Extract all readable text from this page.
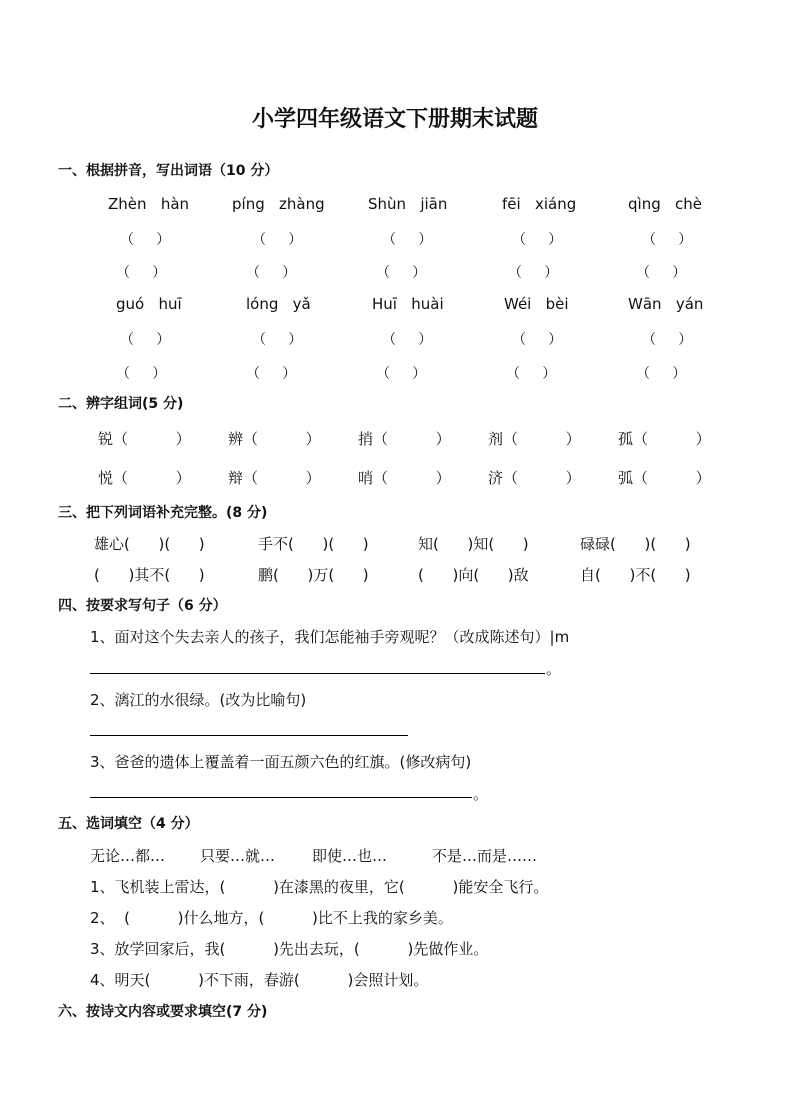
小学四年级语文下册期末试题
一、根据拼音，写出词语（10 分）
Zhèn   hàn	píng   zhàng	Shùn   jiān	fēi   xiáng	qìng   chè
（     ）	（     ）	（     ）	（     ）	（     ）
（     ）	（     ）	（     ）	（     ）	（     ）
guó   huī	lóng   yǎ	Huī   huài	Wéi   bèi	Wān   yán
（     ）	（     ）	（     ）	（     ）	（     ）
（     ）	（     ）	（     ）	（     ）	（     ）
二、辨字组词(5 分)
锐（          ） 辨（          ） 捎（          ） 剂（          ） 孤（          ）
悦（          ） 辩（          ） 哨（          ） 济（          ） 弧（          ）
三、把下列词语补充完整。(8 分)
雄心(      )(      )	手不(      )(      )	知(      )知(      )	碌碌(      )(      )
(      )其不(      )	鹏(      )万(      )	(      )向(      )敌	自(      )不(      )
四、按要求写句子（6 分）
1、面对这个失去亲人的孩子，我们怎能袖手旁观呢？（改成陈述句）|m
。
2、漓江的水很绿。(改为比喻句)
3、爸爸的遗体上覆盖着一面五颜六色的红旗。(修改病句)
。
五、选词填空（4 分）
无论…都… 只要…就… 即使…也…	不是…而是……
1、飞机装上雷达，(          )在漆黑的夜里，它(          )能安全飞行。
2、  (          )什么地方，(          )比不上我的家乡美。
3、放学回家后，我(          )先出去玩，(          )先做作业。
4、明天(          )不下雨，春游(          )会照计划。
六、按诗文内容或要求填空(7 分)
